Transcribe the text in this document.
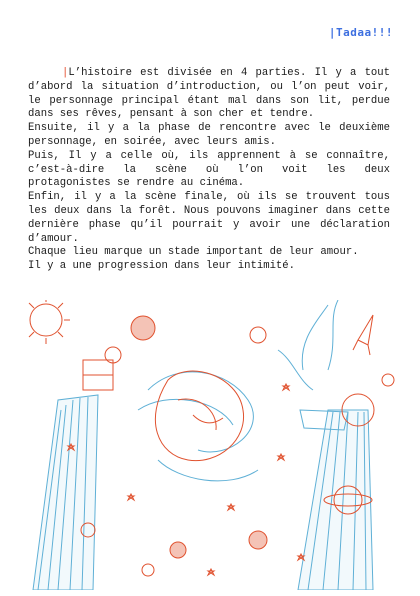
|Tadaa!!!

|L’histoire est divisée en 4 parties. Il y a tout d’abord la situation d’introduction, ou l’on peut voir, le personnage principal étant mal dans son lit, perdue dans ses rêves, pensant à son cher et tendre.

Ensuite, il y a la phase de rencontre avec le deuxième personnage, en soirée, avec leurs amis.

Puis, Il y a celle où, ils apprennent à se connaître, c’est-à-dire la scène où l’on voit les deux protagonistes se rendre au cinéma.

Enfin, il y a la scène finale, où ils se trouvent tous les deux dans la forêt. Nous pouvons imaginer dans cette dernière phase qu’il pourrait y avoir une déclaration d’amour.

Chaque lieu marque un stade important de leur amour.

Il y a une progression dans leur intimité.
